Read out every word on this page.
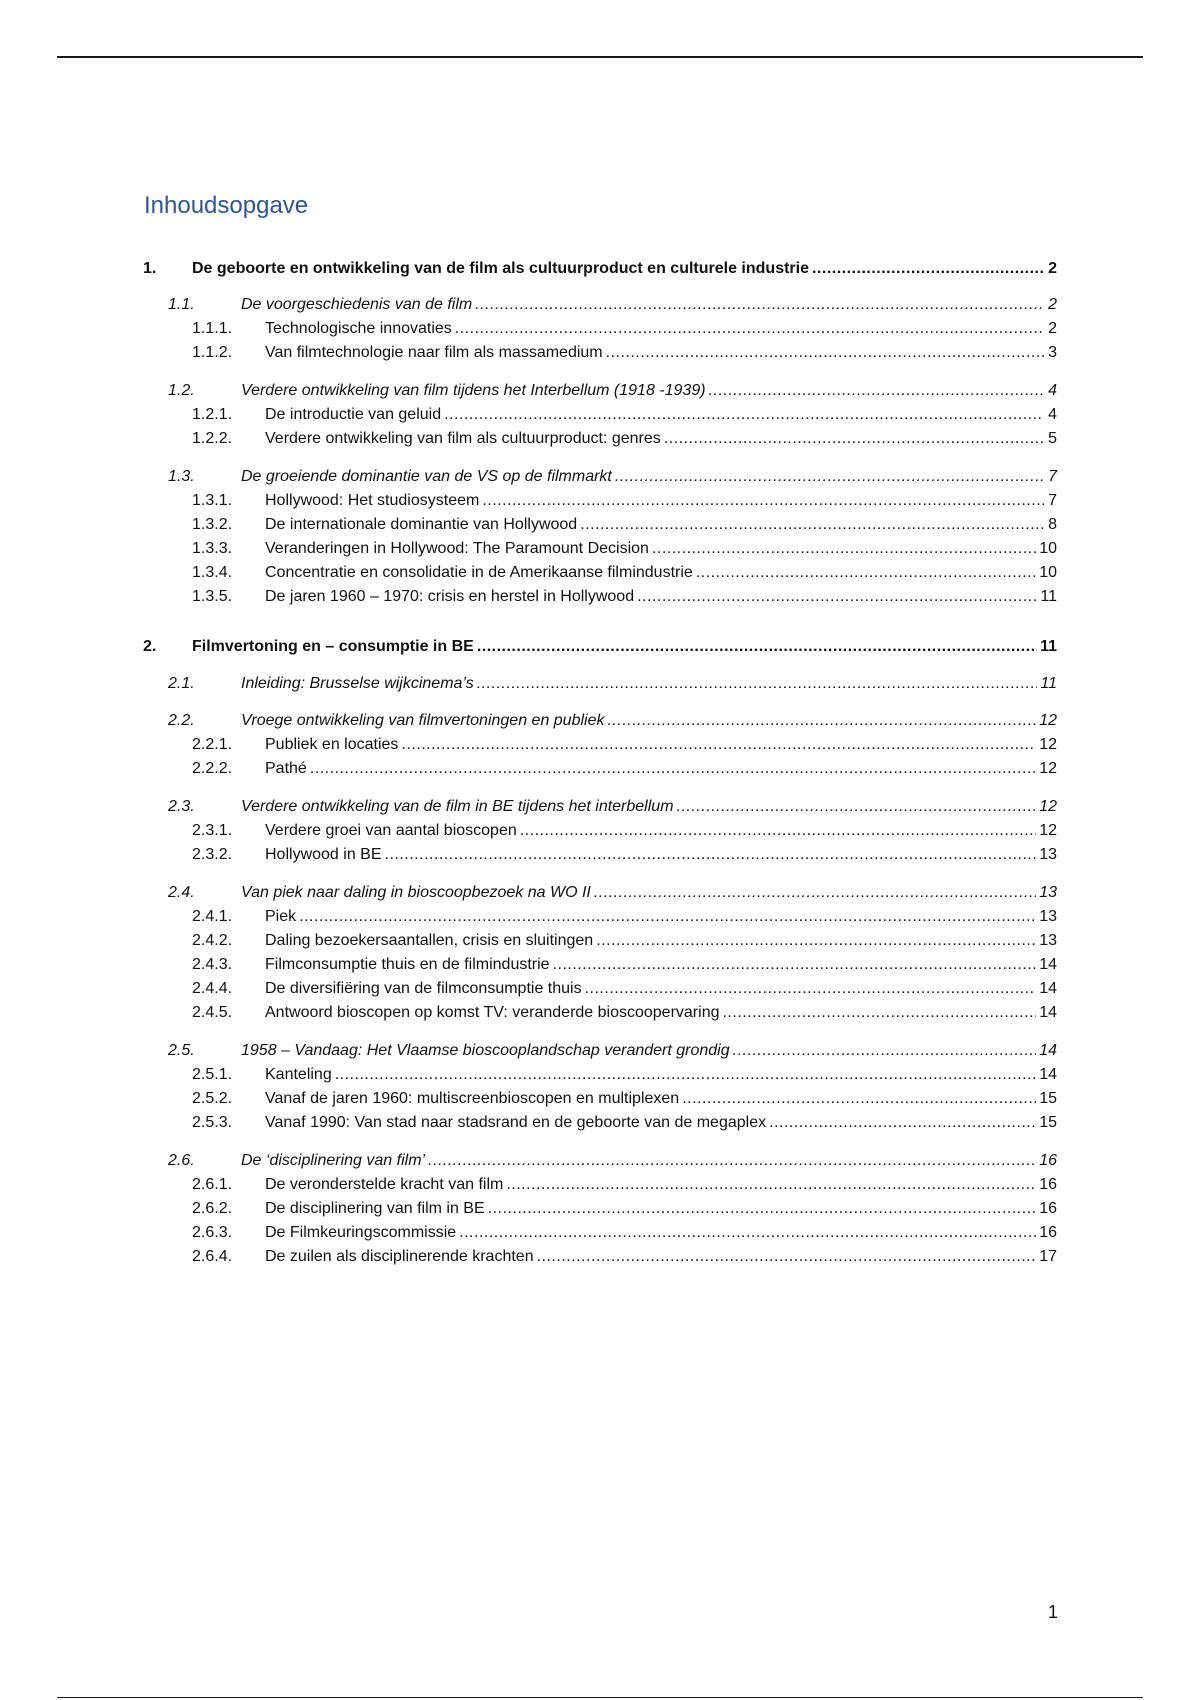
Inhoudsopgave
1. De geboorte en ontwikkeling van de film als cultuurproduct en culturele industrie .....	2
1.1.	De voorgeschiedenis van de film .....	2
1.1.1. Technologische innovaties .....	2
1.1.2. Van filmtechnologie naar film als massamedium .....	3
1.2.	Verdere ontwikkeling van film tijdens het Interbellum (1918 -1939) .....	4
1.2.1. De introductie van geluid .....	4
1.2.2. Verdere ontwikkeling van film als cultuurproduct: genres .....	5
1.3.	De groeiende dominantie van de VS op de filmmarkt .....	7
1.3.1. Hollywood: Het studiosysteem .....	7
1.3.2. De internationale dominantie van Hollywood .....	8
1.3.3. Veranderingen in Hollywood: The Paramount Decision .....	10
1.3.4. Concentratie en consolidatie in de Amerikaanse filmindustrie .....	10
1.3.5. De jaren 1960 – 1970: crisis en herstel in Hollywood .....	11
2. Filmvertoning en – consumptie in BE .....	11
2.1.	Inleiding: Brusselse wijkcinema’s .....	11
2.2.	Vroege ontwikkeling van filmvertoningen en publiek .....	12
2.2.1. Publiek en locaties .....	12
2.2.2. Pathé .....	12
2.3.	Verdere ontwikkeling van de film in BE tijdens het interbellum .....	12
2.3.1. Verdere groei van aantal bioscopen .....	12
2.3.2. Hollywood in BE .....	13
2.4.	Van piek naar daling in bioscoopbezoek na WO II .....	13
2.4.1. Piek .....	13
2.4.2. Daling bezoekersaantallen, crisis en sluitingen .....	13
2.4.3. Filmconsumptie thuis en de filmindustrie .....	14
2.4.4. De diversifiëring van de filmconsumptie thuis .....	14
2.4.5. Antwoord bioscopen op komst TV: veranderde bioscoopervaring .....	14
2.5.	1958 – Vandaag: Het Vlaamse bioscooplandschap verandert grondig .....	14
2.5.1. Kanteling .....	14
2.5.2. Vanaf de jaren 1960: multiscreenbioscopen en multiplexen .....	15
2.5.3. Vanaf 1990: Van stad naar stadsrand en de geboorte van de megaplex .....	15
2.6.	De ‘disciplinering van film’ .....	16
2.6.1. De veronderstelde kracht van film .....	16
2.6.2. De disciplinering van film in BE .....	16
2.6.3. De Filmkeuringscommissie .....	16
2.6.4. De zuilen als disciplinerende krachten .....	17
1
